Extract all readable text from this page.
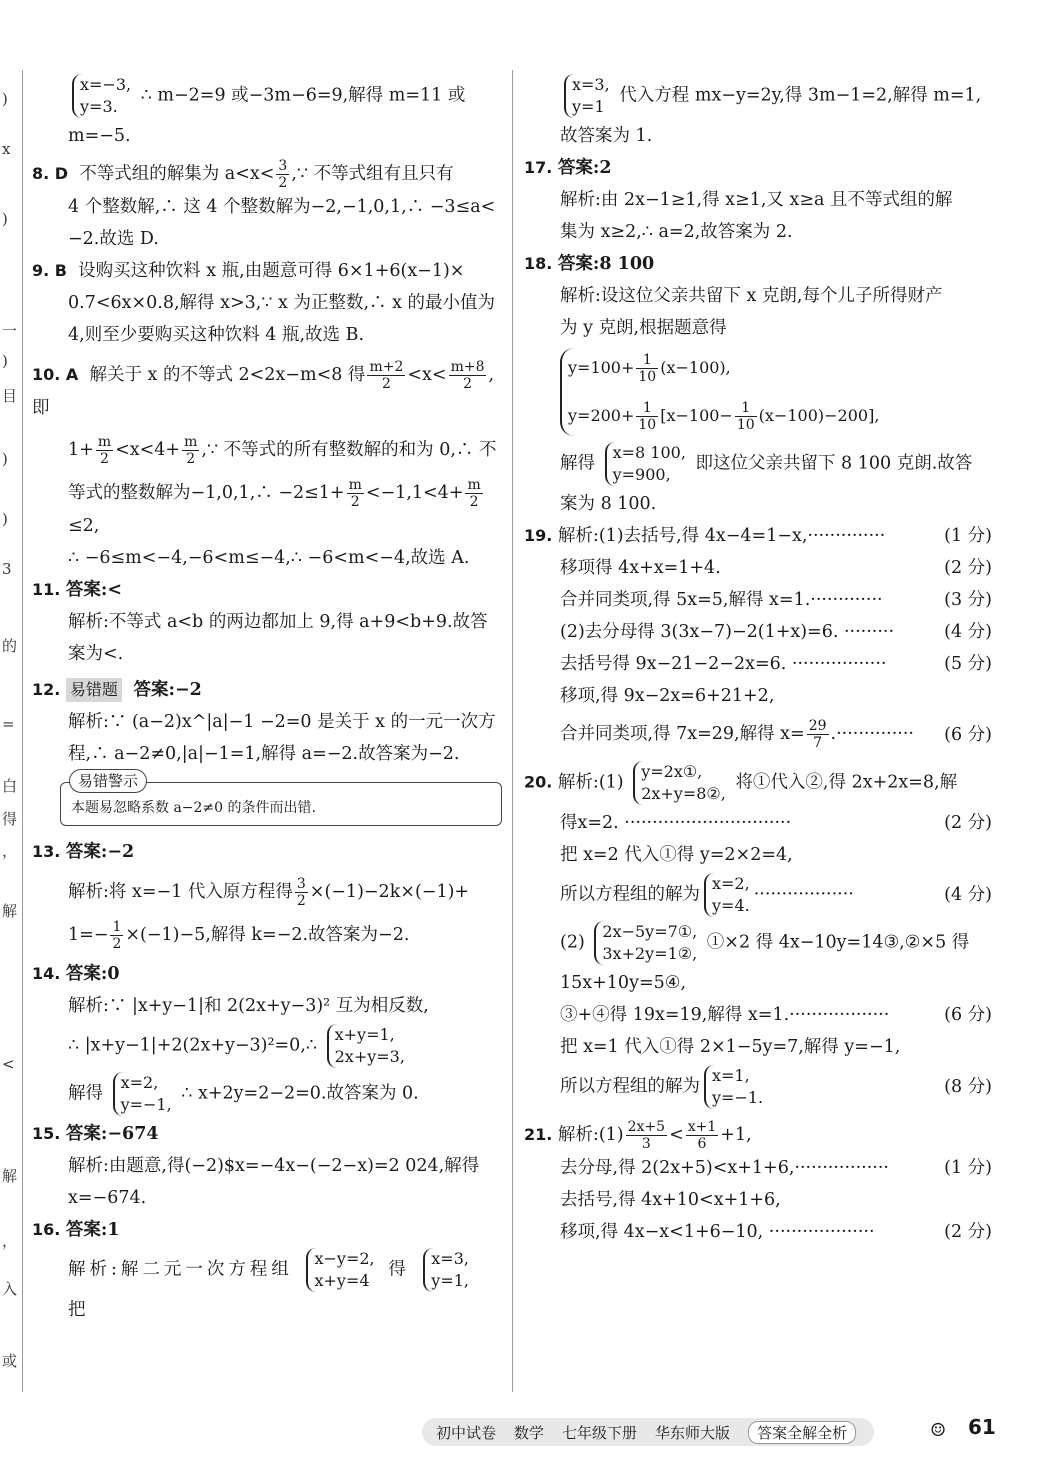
)
x
)
一
)
目
)
)
3
的
=
白
得
，
解
<
解
，
入
或

x=−3,
y=3. ∴ m−2=9 或−3m−6=9,解得 m=11 或 m=−5.

8. D 不等式组的解集为 $a<x< \frac{3}{2}$ ,∵ 不等式组有且只有

4 个整数解,∴ 这 4 个整数解为−2,−1,0,1,∴ −3≤a<

−2.故选 D.

9. B 设购买这种饮料 x 瓶,由题意可得 6×1+6(x−1)×

0.7<6x×0.8,解得 x>3,∵ x 为正整数,∴ x 的最小值为

4,则至少要购买这种饮料 4 瓶,故选 B.

10. A 解关于 x 的不等式 2<2x−m<8 得 $\frac{m+2}{2} <x< \frac{m+8}{2}$ ,即

$1+ \frac{m}{2} <x<4+ \frac{m}{2}$ ,∵ 不等式的所有整数解的和为 0,∴ 不

等式的整数解为−1,0,1,∴ $-2\le 1+ \frac{m}{2} <-1,1<4+ \frac{m}{2}$
≤2,

∴ −6≤m<−4,−6<m≤−4,∴ −6<m<−4,故选 A.

11. 答案:<

解析:不等式 a<b 的两边都加上 9,得 a+9<b+9.故答

案为<.

12. 易错题 答案:−2

解析:∵ (a−2)x^|a|−1 −2=0 是关于 x 的一元一次方

程,∴ a−2≠0,|a|−1=1,解得 a=−2.故答案为−2.

易错警示
本题易忽略系数 a−2≠0 的条件而出错.

13. 答案:−2

解析:将 x=−1 代入原方程得 $\frac{3}{2} \times(-1)-2k\times(-1)+$

$1=- \frac{1}{2} \times(-1)-5$,解得 k=−2.故答案为−2.

14. 答案:0

解析:∵ |x+y−1|和 2(2x+y−3)² 互为相反数,

∴ |x+y−1|+2(2x+y−3)²=0,∴ x+y=1,
2x+y=3,

解得 x=2,
y=−1, ∴ x+2y=2−2=0.故答案为 0.

15. 答案:−674

解析:由题意,得(−2)$x=−4x−(−2−x)=2 024,解得

x=−674.

16. 答案:1

解析:解二元一次方程组 x−y=2,
x+y=4 得 x=3,
y=1, 把

x=3,
y=1 代入方程 mx−y=2y,得 3m−1=2,解得 m=1,

故答案为 1.

17. 答案:2

解析:由 2x−1≥1,得 x≥1,又 x≥a 且不等式组的解

集为 x≥2,∴ a=2,故答案为 2.

18. 答案:8 100

解析:设这位父亲共留下 x 克朗,每个儿子所得财产

为 y 克朗,根据题意得

$y=100+ \frac{1}{10} (x-100)$,
$y=200+ \frac{1}{10} [x-100- \frac{1}{10} (x-100)-200]$,

解得 x=8 100,
y=900, 即这位父亲共留下 8 100 克朗.故答

案为 8 100.

19. 解析:(1)去括号,得 4x−4=1−x,··············	(1 分)
移项得 4x+x=1+4.	(2 分)
合并同类项,得 5x=5,解得 x=1.·············	(3 分)
(2)去分母得 3(3x−7)−2(1+x)=6. ·········	(4 分)
去括号得 9x−21−2−2x=6. ·················	(5 分)

移项,得 9x−2x=6+21+2,

合并同类项,得 7x=29,解得 $x= \frac{29}{7}$ .·············· (6 分)

20. 解析:(1) y=2x①,
2x+y=8②, 将①代入②,得 2x+2x=8,解

得x=2. ······························	(2 分)

把 x=2 代入①得 y=2×2=4,

所以方程组的解为x=2,
y=4.··················	(4 分)

(2) 2x−5y=7①,
3x+2y=1②, ①×2 得 4x−10y=14③,②×5 得

15x+10y=5④,

③+④得 19x=19,解得 x=1.··················	(6 分)

把 x=1 代入①得 2×1−5y=7,解得 y=−1,

所以方程组的解为x=1,
y=−1.
(8 分)

21. 解析:(1) $\frac{2x+5}{3} < \frac{x+1}{6} +1$,

去分母,得 2(2x+5)<x+1+6,·················	(1 分)

去括号,得 4x+10<x+1+6,

移项,得 4x−x<1+6−10, ···················	(2 分)
初中试卷 数学 七年级下册 华东师大版	答案全解全析	☺ 61
